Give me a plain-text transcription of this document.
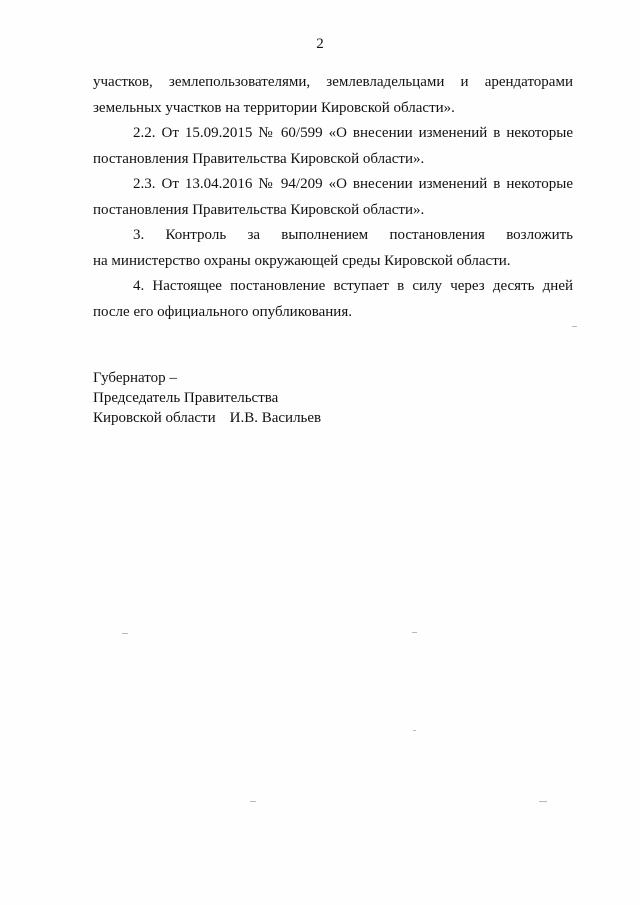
2
участков, землепользователями, землевладельцами и арендаторами
земельных участков на территории Кировской области».
2.2. От 15.09.2015 № 60/599 «О внесении изменений в некоторые
постановления Правительства Кировской области».
2.3. От 13.04.2016 № 94/209 «О внесении изменений в некоторые
постановления Правительства Кировской области».
3. Контроль за выполнением постановления возложить
на министерство охраны окружающей среды Кировской области.
4. Настоящее постановление вступает в силу через десять дней
после его официального опубликования.
Губернатор –
Председатель Правительства
Кировской области И.В. Васильев
